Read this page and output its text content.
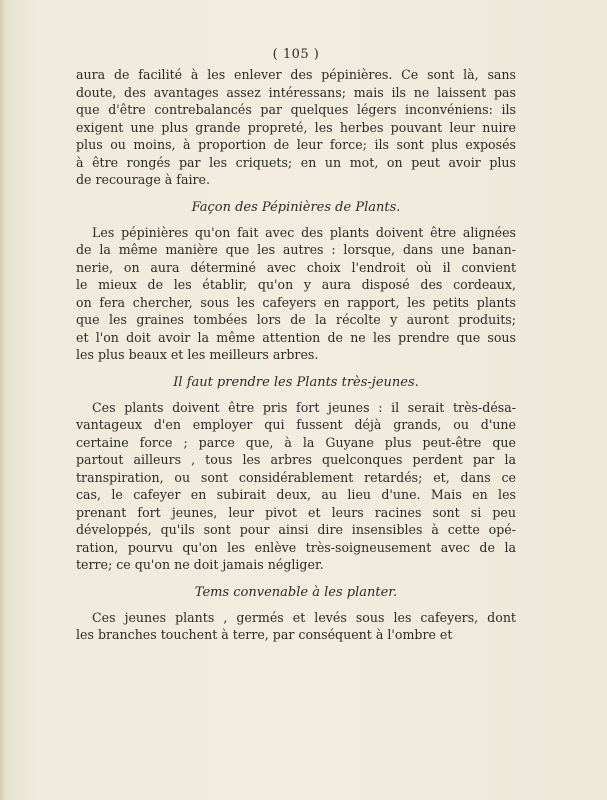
( 105 )

aura de facilité à les enlever des pépinières. Ce sont là, sans
doute, des avantages assez intéressans; mais ils ne laissent pas
que d'être contrebalancés par quelques légers inconvéniens: ils
exigent une plus grande propreté, les herbes pouvant leur nuire
plus ou moins, à proportion de leur force; ils sont plus exposés
à être rongés par les criquets; en un mot, on peut avoir plus
de recourage à faire.

Façon des Pépinières de Plants.

Les pépinières qu'on fait avec des plants doivent être alignées
de la même manière que les autres : lorsque, dans une banan-
nerie, on aura déterminé avec choix l'endroit où il convient
le mieux de les établir, qu'on y aura disposé des cordeaux,
on fera chercher, sous les cafeyers en rapport, les petits plants
que les graines tombées lors de la récolte y auront produits;
et l'on doit avoir la même attention de ne les prendre que sous
les plus beaux et les meilleurs arbres.

Il faut prendre les Plants très-jeunes.

Ces plants doivent être pris fort jeunes : il serait très-désa-
vantageux d'en employer qui fussent déjà grands, ou d'une
certaine force ; parce que, à la Guyane plus peut-être que
partout ailleurs , tous les arbres quelconques perdent par la
transpiration, ou sont considérablement retardés; et, dans ce
cas, le cafeyer en subirait deux, au lieu d'une. Mais en les
prenant fort jeunes, leur pivot et leurs racines sont si peu
développés, qu'ils sont pour ainsi dire insensibles à cette opé-
ration, pourvu qu'on les enlève très-soigneusement avec de la
terre; ce qu'on ne doit jamais négliger.

Tems convenable à les planter.

Ces jeunes plants , germés et levés sous les cafeyers, dont
les branches touchent à terre, par conséquent à l'ombre et
